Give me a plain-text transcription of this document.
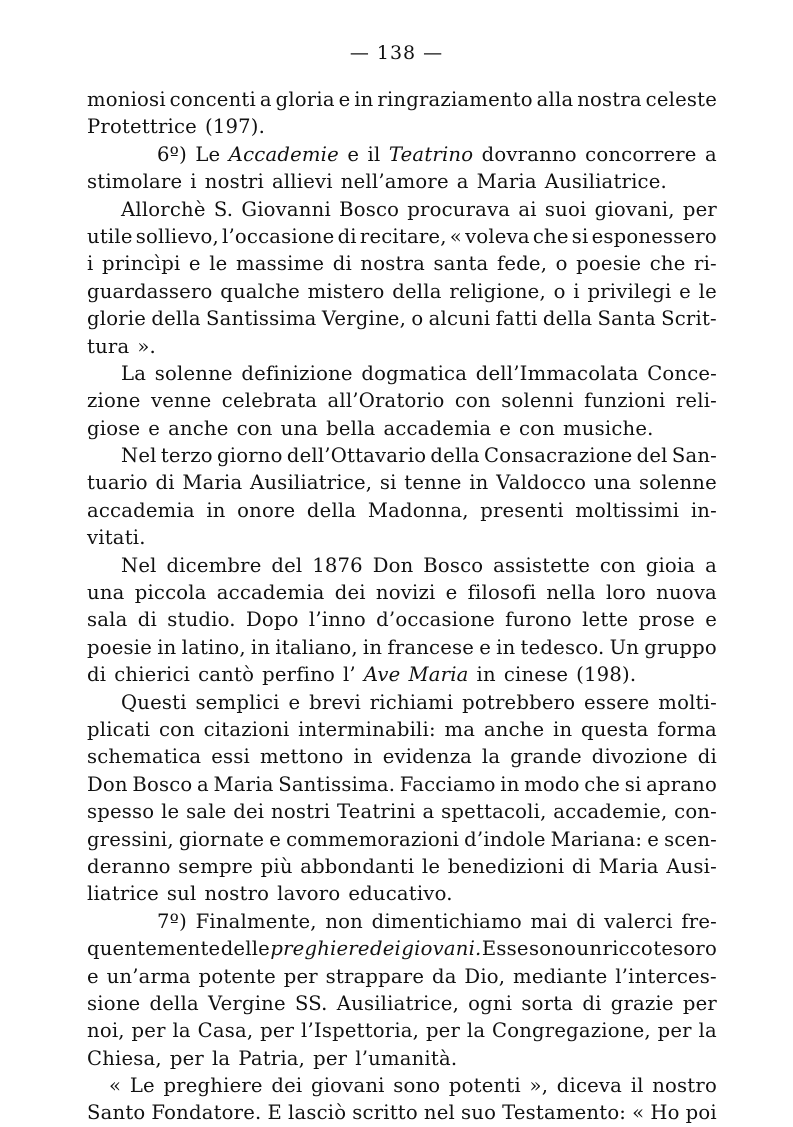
— 138 —
moniosi concenti a gloria e in ringraziamento alla nostra celeste
Protettrice (197).
6º) Le Accademie e il Teatrino dovranno concorrere a
stimolare i nostri allievi nell’amore a Maria Ausiliatrice.
Allorchè S. Giovanni Bosco procurava ai suoi giovani, per
utile sollievo, l’occasione di recitare, « voleva che si esponessero
i princìpi e le massime di nostra santa fede, o poesie che ri-
guardassero qualche mistero della religione, o i privilegi e le
glorie della Santissima Vergine, o alcuni fatti della Santa Scrit-
tura ».
La solenne definizione dogmatica dell’Immacolata Conce-
zione venne celebrata all’Oratorio con solenni funzioni reli-
giose e anche con una bella accademia e con musiche.
Nel terzo giorno dell’Ottavario della Consacrazione del San-
tuario di Maria Ausiliatrice, si tenne in Valdocco una solenne
accademia in onore della Madonna, presenti moltissimi in-
vitati.
Nel dicembre del 1876 Don Bosco assistette con gioia a
una piccola accademia dei novizi e filosofi nella loro nuova
sala di studio. Dopo l’inno d’occasione furono lette prose e
poesie in latino, in italiano, in francese e in tedesco. Un gruppo
di chierici cantò perfino l’ Ave Maria in cinese (198).
Questi semplici e brevi richiami potrebbero essere molti-
plicati con citazioni interminabili: ma anche in questa forma
schematica essi mettono in evidenza la grande divozione di
Don Bosco a Maria Santissima. Facciamo in modo che si aprano
spesso le sale dei nostri Teatrini a spettacoli, accademie, con-
gressini, giornate e commemorazioni d’indole Mariana: e scen-
deranno sempre più abbondanti le benedizioni di Maria Ausi-
liatrice sul nostro lavoro educativo.
7º) Finalmente, non dimentichiamo mai di valerci fre-
quentemente delle preghiere dei giovani. Esse sono un ricco tesoro
e un’arma potente per strappare da Dio, mediante l’interces-
sione della Vergine SS. Ausiliatrice, ogni sorta di grazie per
noi, per la Casa, per l’Ispettoria, per la Congregazione, per la
Chiesa, per la Patria, per l’umanità.
« Le preghiere dei giovani sono potenti », diceva il nostro
Santo Fondatore. E lasciò scritto nel suo Testamento: « Ho poi
